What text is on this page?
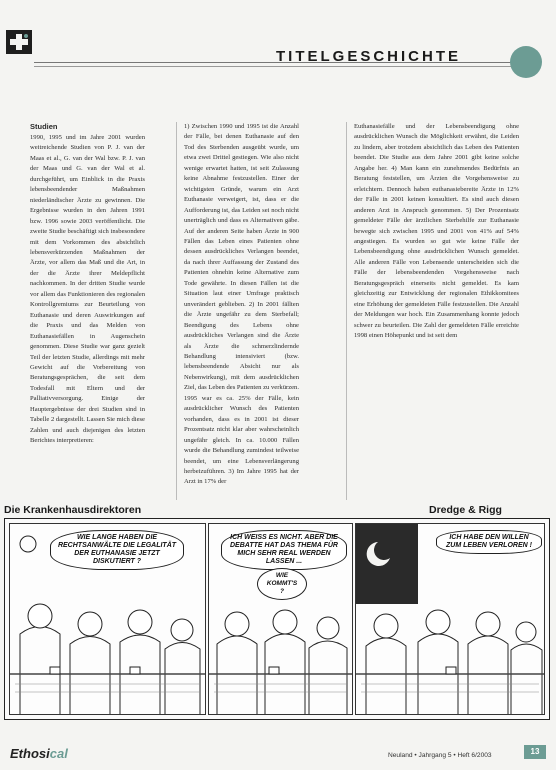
TITELGESCHICHTE

Studien

1990, 1995 und im Jahre 2001 wurden weitreichende Studien von P. J. van der Maas et al., G. van der Wal bzw. P. J. van der Maas und G. van der Wal et al. durchgeführt, um Einblick in die Praxis lebensbeendender Maßnahmen niederländischer Ärzte zu gewinnen. Die Ergebnisse wurden in den Jahren 1991 bzw. 1996 sowie 2003 veröffentlicht. Die zweite Studie beschäftigt sich insbesondere mit dem Vorkommen des absichtlich lebensverkürzenden Maßnahmen der Ärzte, vor allem das Maß und die Art, in der die Ärzte ihrer Meldepflicht nachkommen. In der dritten Studie wurde vor allem das Funktionieren des regionalen Kontrollgremiums zur Beurteilung von Euthanasie und deren Auswirkungen auf die Praxis und das Melden von Euthanasiefällen in Augenschein genommen. Diese Studie war ganz gezielt Teil der letzten Studie, allerdings mit mehr Gewicht auf die Vorbereitung von Beratungsgesprächen, die seit dem Todesfall mit Eltern und der Palliativversorgung. Einige der Hauptergebnisse der drei Studien sind in Tabelle 2 dargestellt. Lassen Sie mich diese Zahlen und auch diejenigen des letzten Berichtes interpretieren:

1) Zwischen 1990 und 1995 ist die Anzahl der Fälle, bei denen Euthanasie auf den Tod des Sterbenden ausgeübt wurde, um etwa zwei Drittel gestiegen. Wie also nicht wenige erwartet hatten, ist seit Zulassung keine Abnahme festzustellen. Einer der wichtigsten Gründe, warum ein Arzt Euthanasie verweigert, ist, dass er die Aufforderung ist, das Leiden sei noch nicht unerträglich und dass es Alternativen gäbe. Auf der anderen Seite haben Ärzte in 900 Fällen das Leben eines Patienten ohne dessen ausdrückliches Verlangen beendet, da nach ihrer Auffassung der Zustand des Patienten ohnehin keine Alternative zum Tode gewährte. In diesen Fällen ist die Situation laut einer Umfrage praktisch unverändert geblieben. 2) In 2001 fällten die Ärzte ungefähr zu dem Sterbefall; Beendigung des Lebens ohne ausdrückliches Verlangen sind die Ärzte als Ärzte die schmerzlindernde Behandlung intensiviert (bzw. lebensbeendende Absicht nur als Nebenwirkung), mit dem ausdrücklichen Ziel, das Leben des Patienten zu verkürzen. 1995 war es ca. 25% der Fälle, kein ausdrücklicher Wunsch des Patienten vorhanden, dass es in 2001 ist dieser Prozentsatz nicht klar aber wahrscheinlich ungefähr gleich. In ca. 10.000 Fällen wurde die Behandlung zumindest teilweise beendet, um eine Lebensverlängerung herbeizuführen. 3) Im Jahre 1995 hat der Arzt in 17% der

Euthanasiefälle und der Lebensbeendigung ohne ausdrücklichen Wunsch die Möglichkeit erwähnt, die Leiden zu lindern, aber trotzdem absichtlich das Leben des Patienten beendet. Die Studie aus dem Jahre 2001 gibt keine solche Angabe her. 4) Man kann ein zunehmendes Bedürfnis an Beratung feststellen, um Ärzten die Vorgehensweise zu erleichtern. Dennoch haben euthanasiebereite Ärzte in 12% der Fälle in 2001 keinen konsultiert. Es sind auch diesen anderen Arzt in Anspruch genommen. 5) Der Prozentsatz gemeldeter Fälle der ärztlichen Sterbehilfe zur Euthanasie bewegte sich zwischen 1995 und 2001 von 41% auf 54% angestiegen. Es wurden so gut wie keine Fälle der Lebensbeendigung ohne ausdrücklichen Wunsch gemeldet. Alle anderen Fälle von Lebensende unterscheiden sich die Fälle der lebensbeendenden Vorgehensweise nach Beratungsgespräch einerseits nicht gemeldet. Es kam gleichzeitig zur Entwicklung der regionalen Ethikkomitees eine Erhöhung der gemeldeten Fälle festzustellen. Die Anzahl der Meldungen war hoch. Ein Zusammenhang konnte jedoch schwer zu beurteilen. Die Zahl der gemeldeten Fälle erreichte 1998 einen Höhepunkt und ist seit dem

Die Krankenhausdirektoren	Dredge & Rigg
WIE LANGE HABEN DIE RECHTSANWÄLTE DIE LEGALITÄT DER EUTHANASIE JETZT DISKUTIERT ?
ICH WEISS ES NICHT. ABER DIE DEBATTE HAT DAS THEMA FÜR MICH SEHR REAL WERDEN LASSEN ...
WIE KOMMT'S ?
ICH HABE DEN WILLEN ZUM LEBEN VERLOREN !
Ethosical	Neuland • Jahrgang 5 • Heft 6/2003	13
